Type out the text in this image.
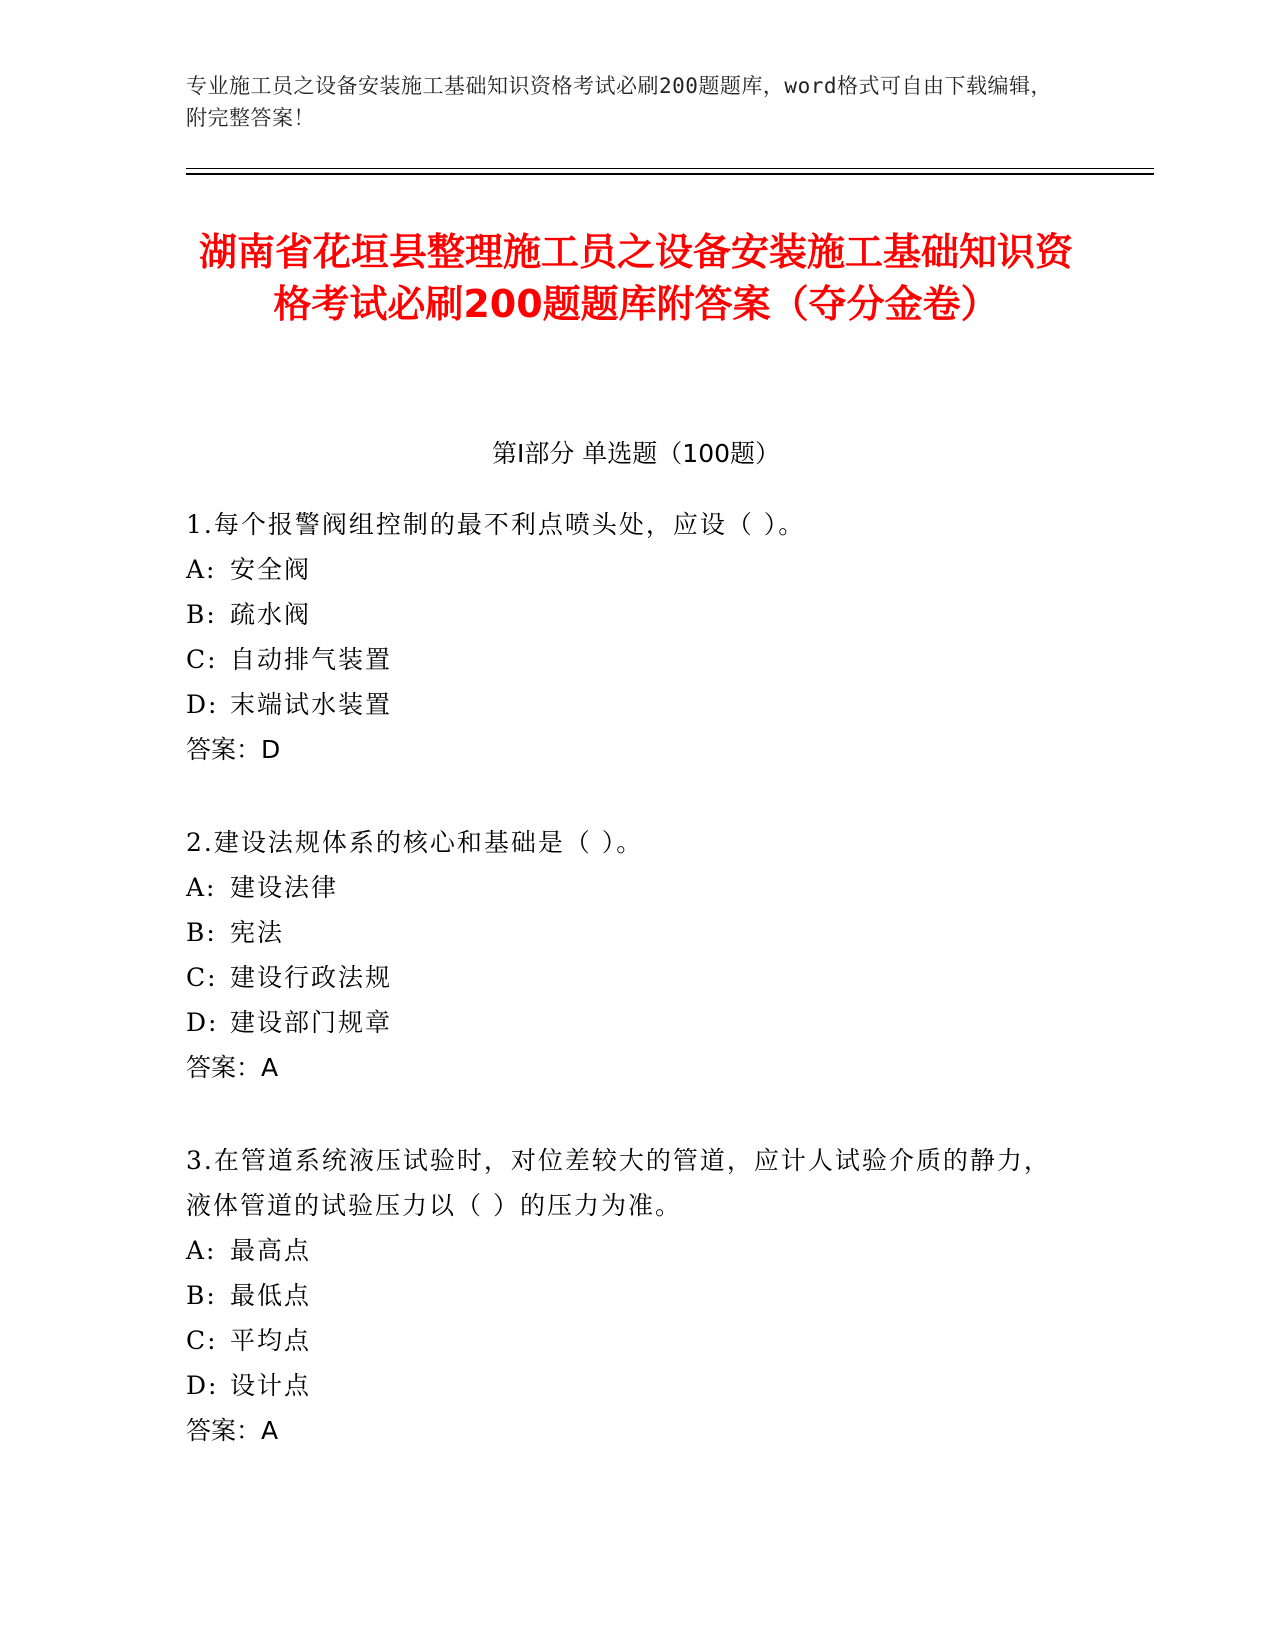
专业施工员之设备安装施工基础知识资格考试必刷200题题库，word格式可自由下载编辑，附完整答案！
湖南省花垣县整理施工员之设备安装施工基础知识资格考试必刷200题题库附答案（夺分金卷）
第I部分 单选题（100题）
1.每个报警阀组控制的最不利点喷头处，应设（ ）。
A: 安全阀
B: 疏水阀
C: 自动排气装置
D: 末端试水装置
答案：D
2.建设法规体系的核心和基础是（ ）。
A: 建设法律
B: 宪法
C: 建设行政法规
D: 建设部门规章
答案：A
3.在管道系统液压试验时，对位差较大的管道，应计人试验介质的静力，液体管道的试验压力以（ ）的压力为准。
A: 最高点
B: 最低点
C: 平均点
D: 设计点
答案：A
